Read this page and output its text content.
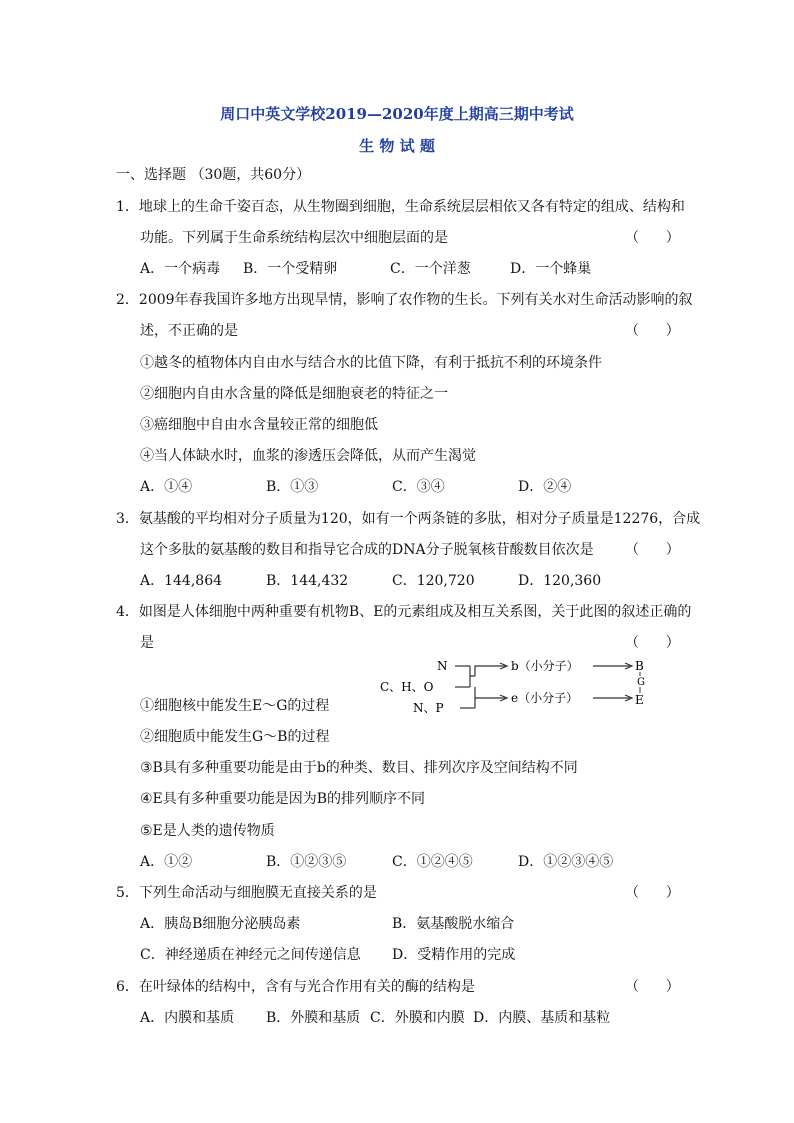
周口中英文学校2019—2020年度上期高三期中考试
生 物 试 题
一、选择题 （30题，共60分）
1．地球上的生命千姿百态，从生物圈到细胞，生命系统层层相依又各有特定的组成、结构和
功能。下列属于生命系统结构层次中细胞层面的是	（      ）
A．一个病毒 B．一个受精卵	C．一个洋葱	D．一个蜂巢
2．2009年春我国许多地方出现旱情，影响了农作物的生长。下列有关水对生命活动影响的叙
述，不正确的是	（      ）
①越冬的植物体内自由水与结合水的比值下降，有利于抵抗不利的环境条件
②细胞内自由水含量的降低是细胞衰老的特征之一
③癌细胞中自由水含量较正常的细胞低
④当人体缺水时，血浆的渗透压会降低，从而产生渴觉
A．①④	B．①③	C．③④	D．②④
3．氨基酸的平均相对分子质量为120，如有一个两条链的多肽，相对分子质量是12276，合成
这个多肽的氨基酸的数目和指导它合成的DNA分子脱氧核苷酸数目依次是 （      ）
A．144,864	B．144,432	C．120,720	D．120,360
4．如图是人体细胞中两种重要有机物B、E的元素组成及相互关系图，关于此图的叙述正确的
是	（      ）
N
C、H、O
N、P
b（小分子）
e（小分子）
B
G
E
①细胞核中能发生E～G的过程
②细胞质中能发生G～B的过程
③B具有多种重要功能是由于b的种类、数目、排列次序及空间结构不同
④E具有多种重要功能是因为B的排列顺序不同
⑤E是人类的遗传物质
A．①②	B．①②③⑤	C．①②④⑤	D．①②③④⑤
5．下列生命活动与细胞膜无直接关系的是	（      ）
A．胰岛B细胞分泌胰岛素	B．氨基酸脱水缩合
C．神经递质在神经元之间传递信息 D．受精作用的完成
6．在叶绿体的结构中，含有与光合作用有关的酶的结构是	（      ）
A．内膜和基质 B．外膜和基质 C．外膜和内膜 D．内膜、基质和基粒
